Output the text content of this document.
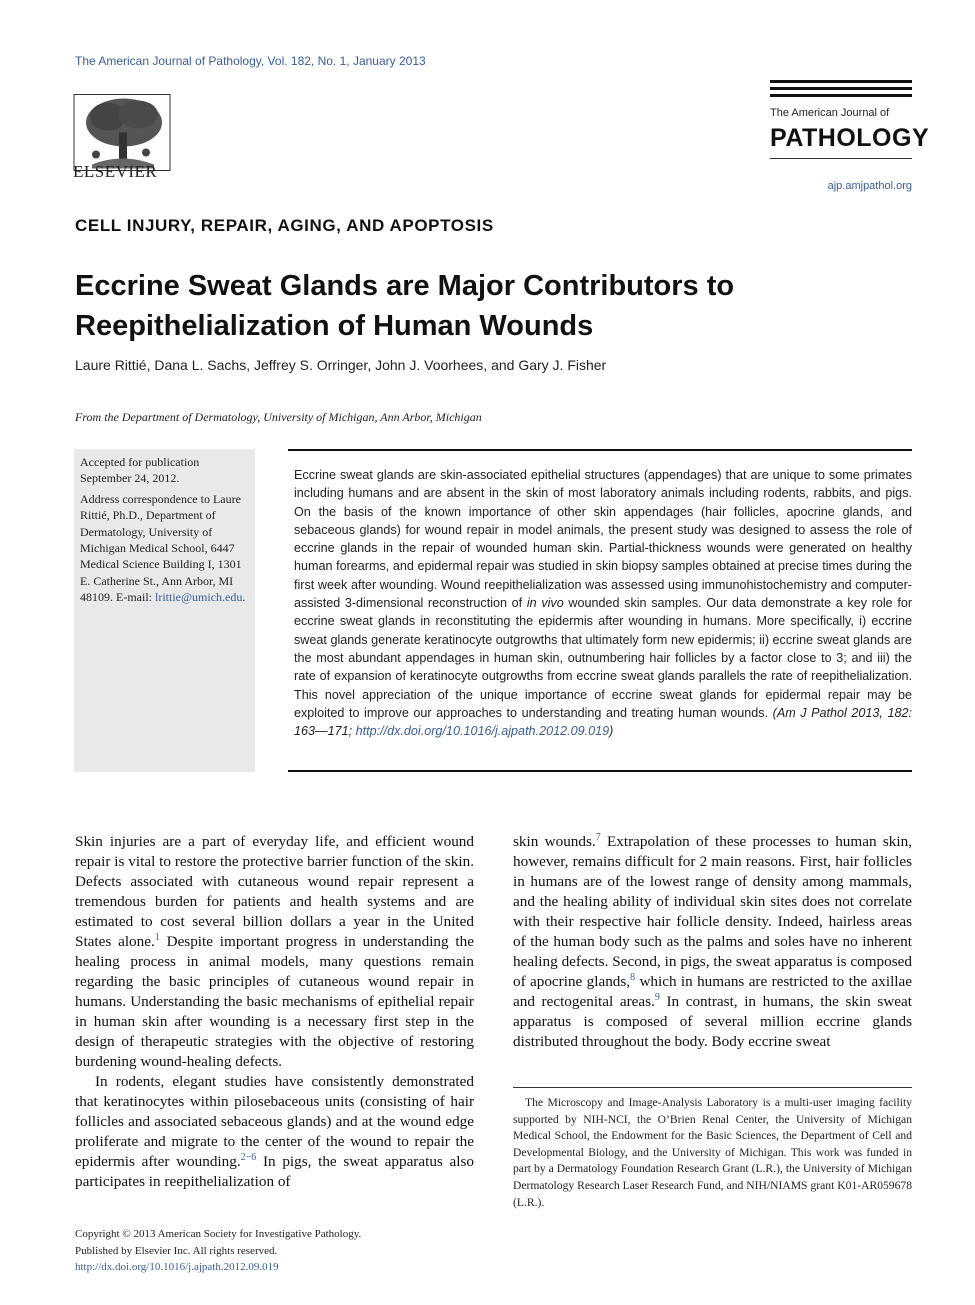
The American Journal of Pathology, Vol. 182, No. 1, January 2013
ELSEVIER
The American Journal of
PATHOLOGY
ajp.amjpathol.org
CELL INJURY, REPAIR, AGING, AND APOPTOSIS
Eccrine Sweat Glands are Major Contributors to Reepithelialization of Human Wounds
Laure Rittié, Dana L. Sachs, Jeffrey S. Orringer, John J. Voorhees, and Gary J. Fisher
From the Department of Dermatology, University of Michigan, Ann Arbor, Michigan

Accepted for publication September 24, 2012.

Address correspondence to Laure Rittié, Ph.D., Department of Dermatology, University of Michigan Medical School, 6447 Medical Science Building I, 1301 E. Catherine St., Ann Arbor, MI 48109. E-mail: lrittie@umich.edu.

Eccrine sweat glands are skin-associated epithelial structures (appendages) that are unique to some primates including humans and are absent in the skin of most laboratory animals including rodents, rabbits, and pigs. On the basis of the known importance of other skin appendages (hair follicles, apocrine glands, and sebaceous glands) for wound repair in model animals, the present study was designed to assess the role of eccrine glands in the repair of wounded human skin. Partial-thickness wounds were generated on healthy human forearms, and epidermal repair was studied in skin biopsy samples obtained at precise times during the first week after wounding. Wound reepithelialization was assessed using immunohistochemistry and computer-assisted 3-dimensional reconstruction of in vivo wounded skin samples. Our data demonstrate a key role for eccrine sweat glands in reconstituting the epidermis after wounding in humans. More specifically, i) eccrine sweat glands generate keratinocyte outgrowths that ultimately form new epidermis; ii) eccrine sweat glands are the most abundant appendages in human skin, outnumbering hair follicles by a factor close to 3; and iii) the rate of expansion of keratinocyte outgrowths from eccrine sweat glands parallels the rate of reepithelialization. This novel appreciation of the unique importance of eccrine sweat glands for epidermal repair may be exploited to improve our approaches to understanding and treating human wounds. (Am J Pathol 2013, 182: 163—171; http://dx.doi.org/10.1016/j.ajpath.2012.09.019)

Skin injuries are a part of everyday life, and efficient wound repair is vital to restore the protective barrier function of the skin. Defects associated with cutaneous wound repair represent a tremendous burden for patients and health systems and are estimated to cost several billion dollars a year in the United States alone.$^1$ Despite important progress in understanding the healing process in animal models, many questions remain regarding the basic principles of cutaneous wound repair in humans. Understanding the basic mechanisms of epithelial repair in human skin after wounding is a necessary first step in the design of therapeutic strategies with the objective of restoring burdening wound-healing defects.

In rodents, elegant studies have consistently demonstrated that keratinocytes within pilosebaceous units (consisting of hair follicles and associated sebaceous glands) and at the wound edge proliferate and migrate to the center of the wound to repair the epidermis after wounding.$^{2-6}$ In pigs, the sweat apparatus also participates in reepithelialization of

skin wounds.$^7$ Extrapolation of these processes to human skin, however, remains difficult for 2 main reasons. First, hair follicles in humans are of the lowest range of density among mammals, and the healing ability of individual skin sites does not correlate with their respective hair follicle density. Indeed, hairless areas of the human body such as the palms and soles have no inherent healing defects. Second, in pigs, the sweat apparatus is composed of apocrine glands,$^8$ which in humans are restricted to the axillae and rectogenital areas.$^9$ In contrast, in humans, the skin sweat apparatus is composed of several million eccrine glands distributed throughout the body. Body eccrine sweat

The Microscopy and Image-Analysis Laboratory is a multi-user imaging facility supported by NIH-NCI, the O’Brien Renal Center, the University of Michigan Medical School, the Endowment for the Basic Sciences, the Department of Cell and Developmental Biology, and the University of Michigan. This work was funded in part by a Dermatology Foundation Research Grant (L.R.), the University of Michigan Dermatology Research Laser Research Fund, and NIH/NIAMS grant K01-AR059678 (L.R.).
Copyright © 2013 American Society for Investigative Pathology.
Published by Elsevier Inc. All rights reserved.
http://dx.doi.org/10.1016/j.ajpath.2012.09.019
